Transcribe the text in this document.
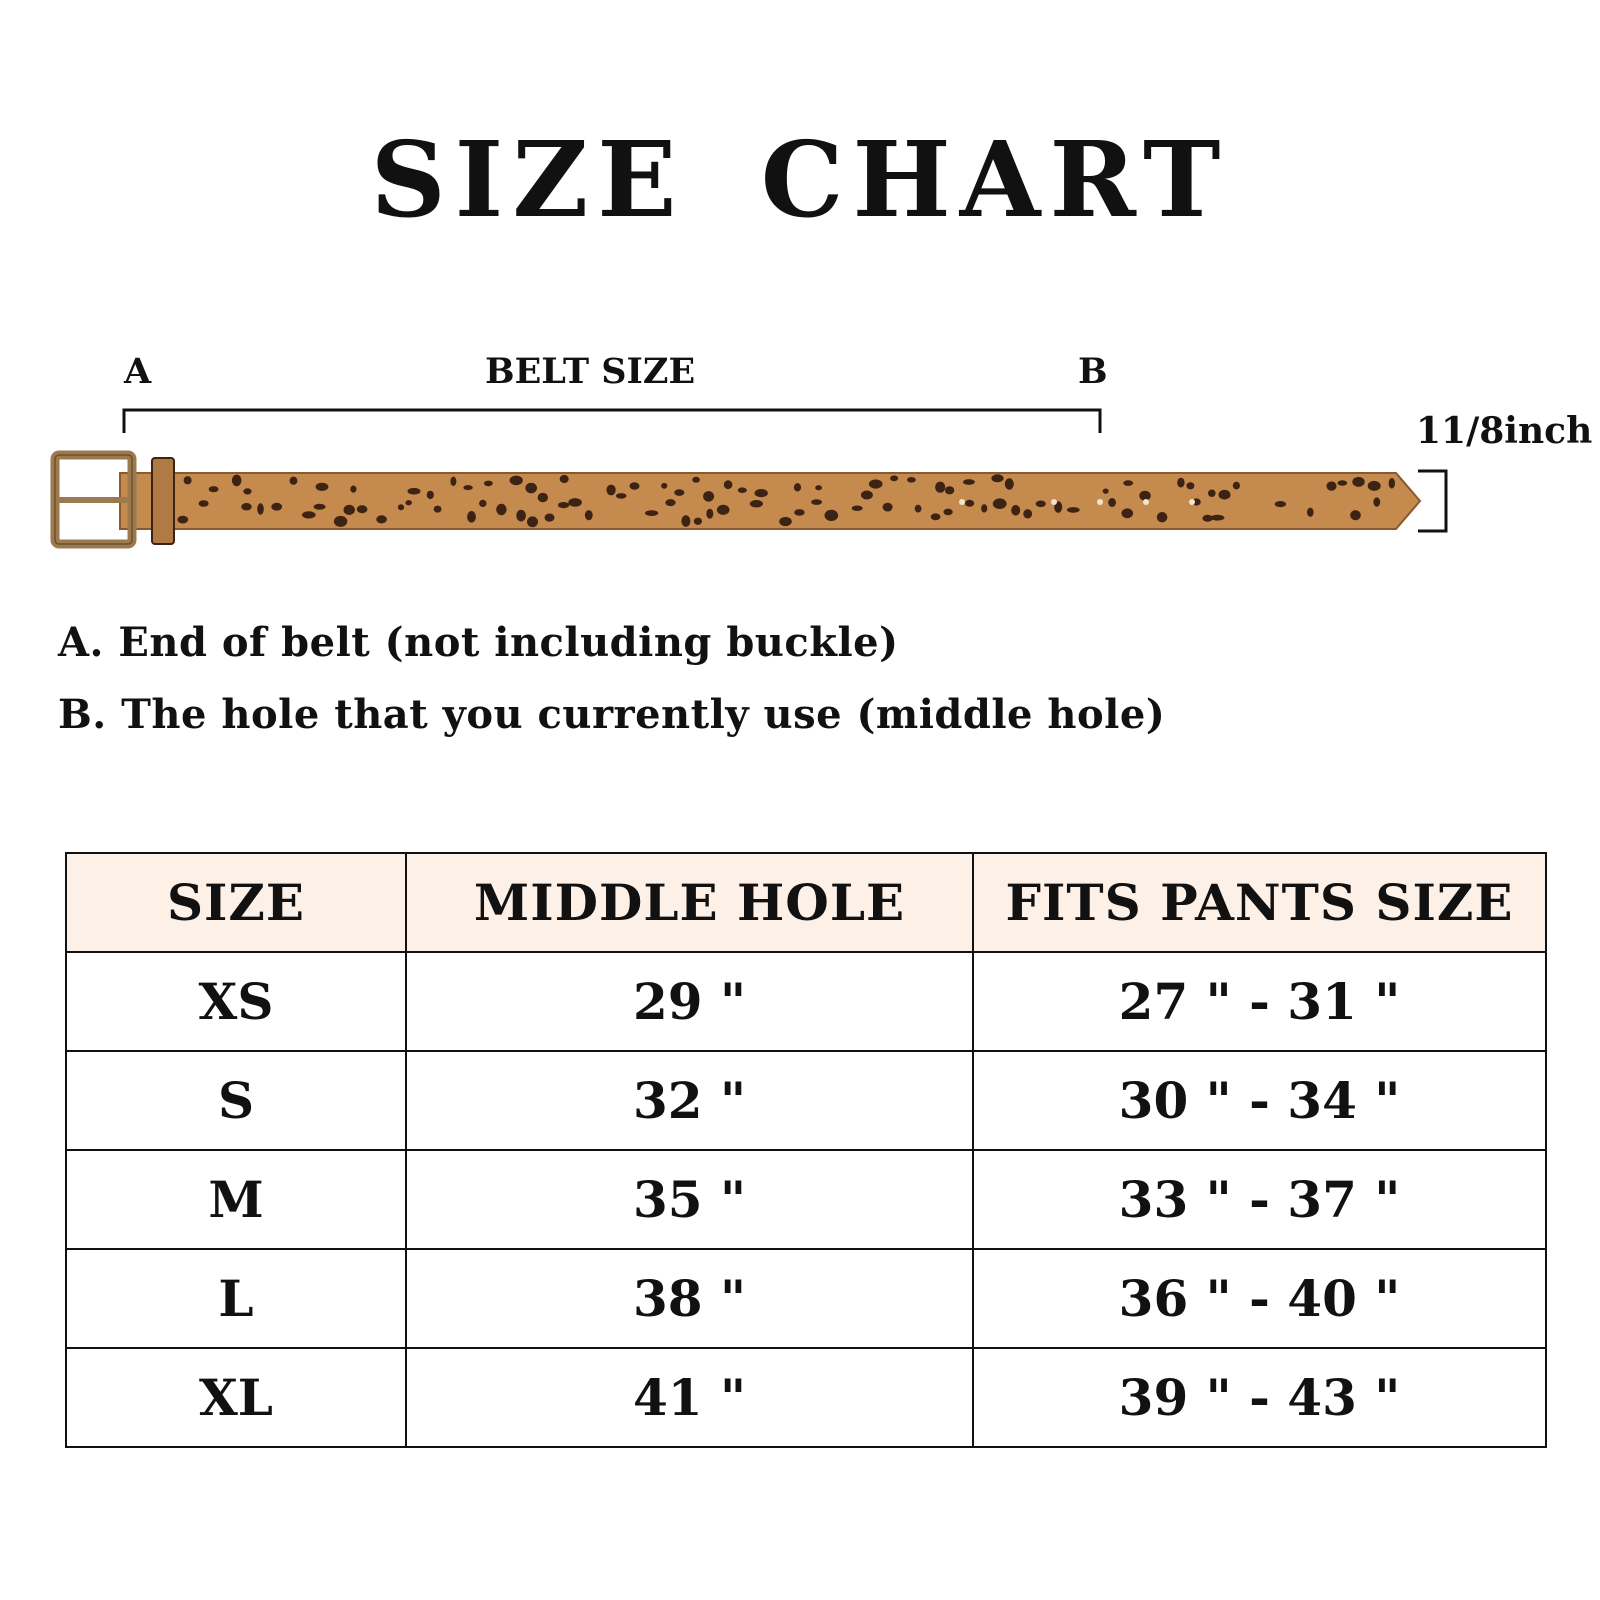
SIZE CHART
A	BELT SIZE	B
11/8inch

A. End of belt (not including buckle)

B. The hole that you currently use (middle hole)

SIZE	MIDDLE HOLE	FITS PANTS SIZE
XS	29 "	27 " - 31 "
S	32 "	30 " - 34 "
M	35 "	33 " - 37 "
L	38 "	36 " - 40 "
XL	41 "	39 " - 43 "
